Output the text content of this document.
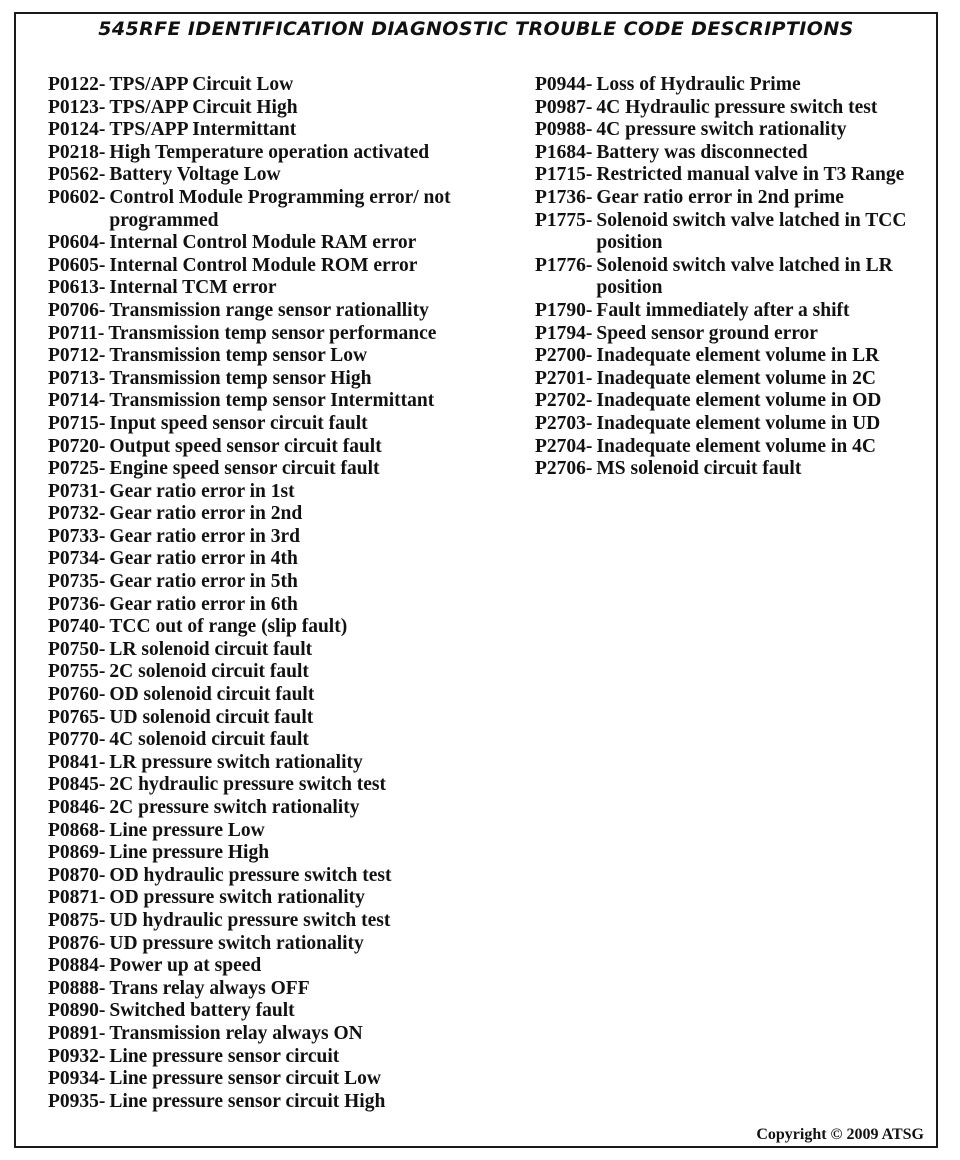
545RFE IDENTIFICATION DIAGNOSTIC TROUBLE CODE DESCRIPTIONS
P0122- TPS/APP Circuit Low
P0123- TPS/APP Circuit High
P0124- TPS/APP Intermittant
P0218- High Temperature operation activated
P0562- Battery Voltage Low
P0602- Control Module Programming error/ not programmed
P0604- Internal Control Module RAM error
P0605- Internal Control Module ROM error
P0613- Internal TCM error
P0706- Transmission range sensor rationallity
P0711- Transmission temp sensor performance
P0712- Transmission temp sensor Low
P0713- Transmission temp sensor High
P0714- Transmission temp sensor Intermittant
P0715- Input speed sensor circuit fault
P0720- Output speed sensor circuit fault
P0725- Engine speed sensor circuit fault
P0731- Gear ratio error in 1st
P0732- Gear ratio error in 2nd
P0733- Gear ratio error in 3rd
P0734- Gear ratio error in 4th
P0735- Gear ratio error in 5th
P0736- Gear ratio error in 6th
P0740- TCC out of range (slip fault)
P0750- LR solenoid circuit fault
P0755- 2C solenoid circuit fault
P0760- OD solenoid circuit fault
P0765- UD solenoid circuit fault
P0770- 4C solenoid circuit fault
P0841- LR pressure switch rationality
P0845- 2C hydraulic pressure switch test
P0846- 2C pressure switch rationality
P0868- Line pressure Low
P0869- Line pressure High
P0870- OD hydraulic pressure switch test
P0871- OD pressure switch rationality
P0875- UD hydraulic pressure switch test
P0876- UD pressure switch rationality
P0884- Power up at speed
P0888- Trans relay always OFF
P0890- Switched battery fault
P0891- Transmission relay always ON
P0932- Line pressure sensor circuit
P0934- Line pressure sensor circuit Low
P0935- Line pressure sensor circuit High
P0944- Loss of Hydraulic Prime
P0987- 4C Hydraulic pressure switch test
P0988- 4C pressure switch rationality
P1684- Battery was disconnected
P1715- Restricted manual valve in T3 Range
P1736- Gear ratio error in 2nd prime
P1775- Solenoid switch valve latched in TCC position
P1776- Solenoid switch valve latched in LR position
P1790- Fault immediately after a shift
P1794- Speed sensor ground error
P2700- Inadequate element volume in LR
P2701- Inadequate element volume in 2C
P2702- Inadequate element volume in OD
P2703- Inadequate element volume in UD
P2704- Inadequate element volume in 4C
P2706- MS solenoid circuit fault
Copyright © 2009 ATSG
